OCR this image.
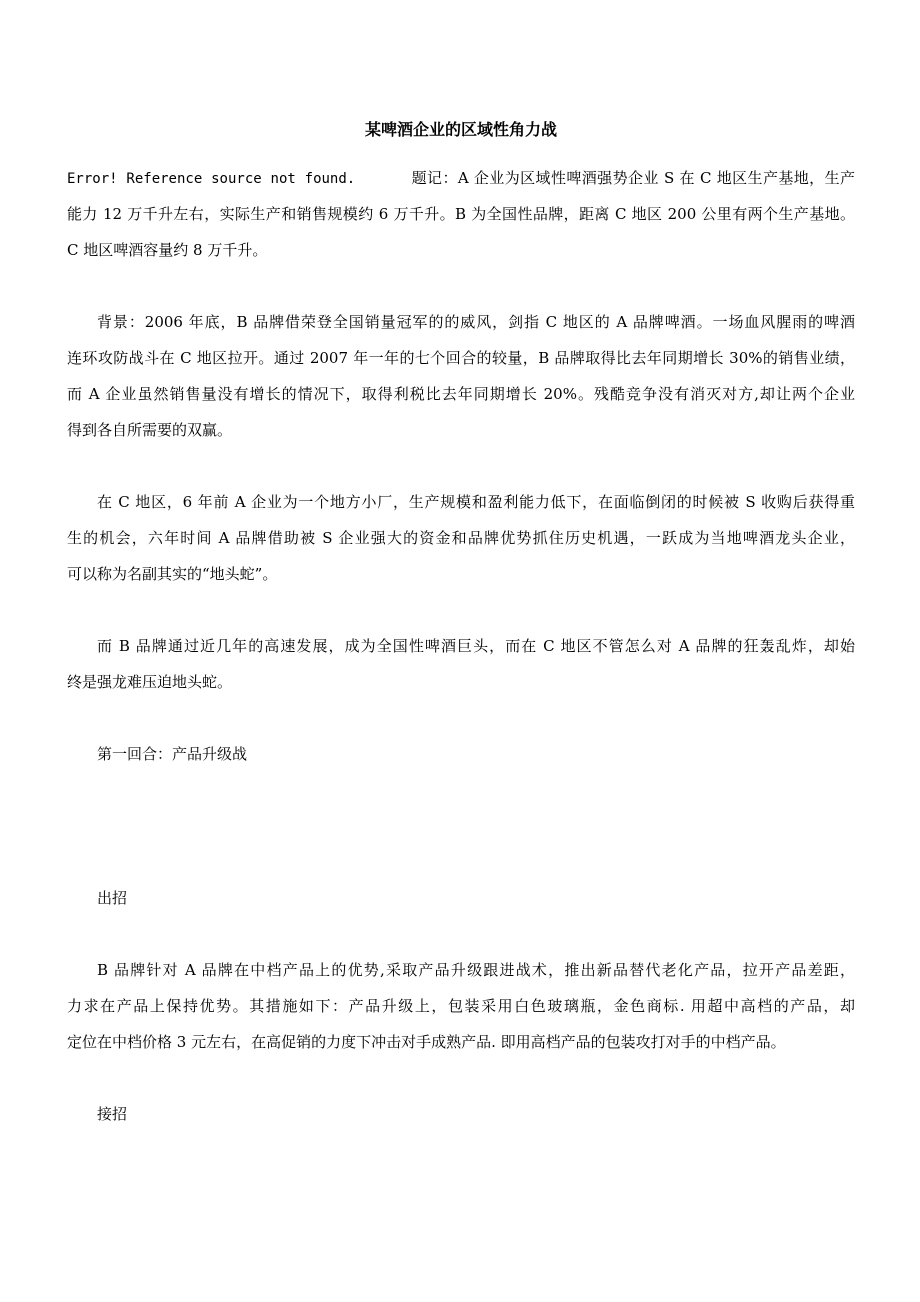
某啤酒企业的区域性角力战
Error! Reference source not found.	题记：A 企业为区域性啤酒强势企业 S 在 C 地区生产基地，生产
能力 12 万千升左右，实际生产和销售规模约 6 万千升。B 为全国性品牌，距离 C 地区 200 公里有两个生产基地。
C 地区啤酒容量约 8 万千升。
背景：2006 年底，B 品牌借荣登全国销量冠军的的威风，剑指 C 地区的 A 品牌啤酒。一场血风腥雨的啤酒
连环攻防战斗在 C 地区拉开。通过 2007 年一年的七个回合的较量，B 品牌取得比去年同期增长 30%的销售业绩，
而 A 企业虽然销售量没有增长的情况下，取得利税比去年同期增长 20%。残酷竞争没有消灭对方,却让两个企业
得到各自所需要的双赢。
在 C 地区，6 年前 A 企业为一个地方小厂，生产规模和盈利能力低下，在面临倒闭的时候被 S 收购后获得重
生的机会，六年时间 A 品牌借助被 S 企业强大的资金和品牌优势抓住历史机遇，一跃成为当地啤酒龙头企业，
可以称为名副其实的“地头蛇”。
而 B 品牌通过近几年的高速发展，成为全国性啤酒巨头，而在 C 地区不管怎么对 A 品牌的狂轰乱炸，却始
终是强龙难压迫地头蛇。
第一回合：产品升级战
出招
B 品牌针对 A 品牌在中档产品上的优势,采取产品升级跟进战术，推出新品替代老化产品，拉开产品差距，
力求在产品上保持优势。其措施如下：产品升级上，包装采用白色玻璃瓶，金色商标. 用超中高档的产品，却
定位在中档价格 3 元左右，在高促销的力度下冲击对手成熟产品. 即用高档产品的包装攻打对手的中档产品。
接招
